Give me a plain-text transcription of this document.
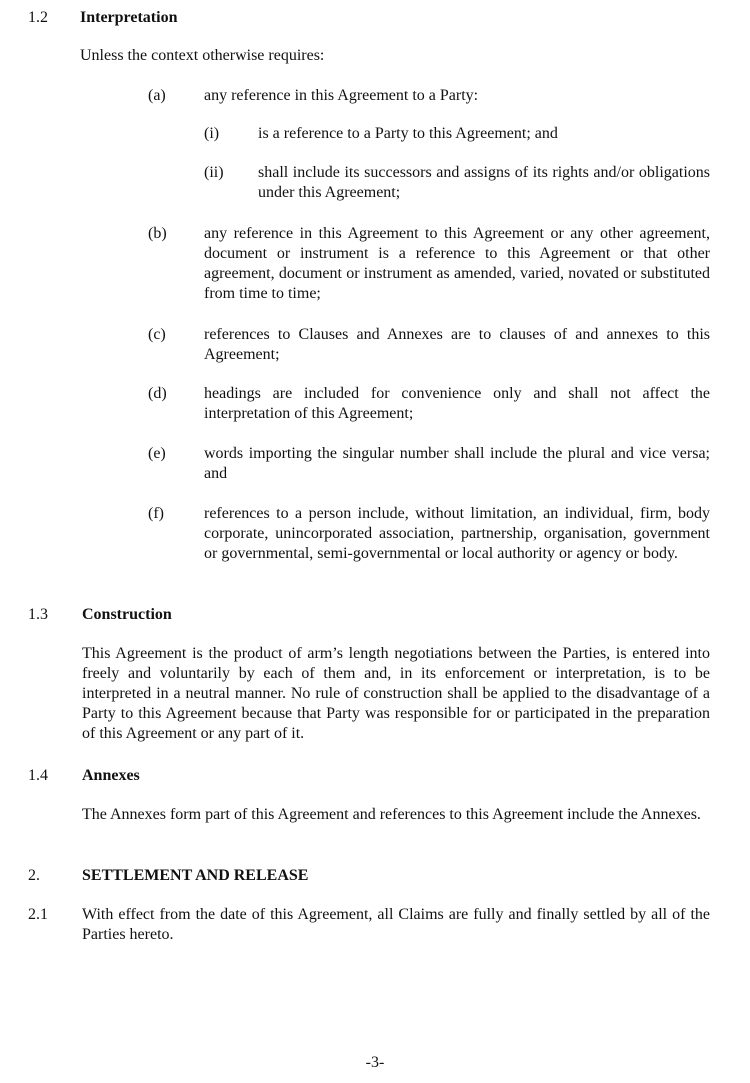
1.2 Interpretation
Unless the context otherwise requires:
(a) any reference in this Agreement to a Party:
(i) is a reference to a Party to this Agreement; and
(ii) shall include its successors and assigns of its rights and/or obligations under this Agreement;
(b) any reference in this Agreement to this Agreement or any other agreement, document or instrument is a reference to this Agreement or that other agreement, document or instrument as amended, varied, novated or substituted from time to time;
(c) references to Clauses and Annexes are to clauses of and annexes to this Agreement;
(d) headings are included for convenience only and shall not affect the interpretation of this Agreement;
(e) words importing the singular number shall include the plural and vice versa; and
(f)	references to a person include, without limitation, an individual, firm, body corporate, unincorporated association, partnership, organisation, government or governmental, semi-governmental or local authority or agency or body.
1.3 Construction
This Agreement is the product of arm’s length negotiations between the Parties, is entered into freely and voluntarily by each of them and, in its enforcement or interpretation, is to be interpreted in a neutral manner. No rule of construction shall be applied to the disadvantage of a Party to this Agreement because that Party was responsible for or participated in the preparation of this Agreement or any part of it.
1.4 Annexes
The Annexes form part of this Agreement and references to this Agreement include the Annexes.
2.	SETTLEMENT AND RELEASE
2.1 With effect from the date of this Agreement, all Claims are fully and finally settled by all of the Parties hereto.
-3-
